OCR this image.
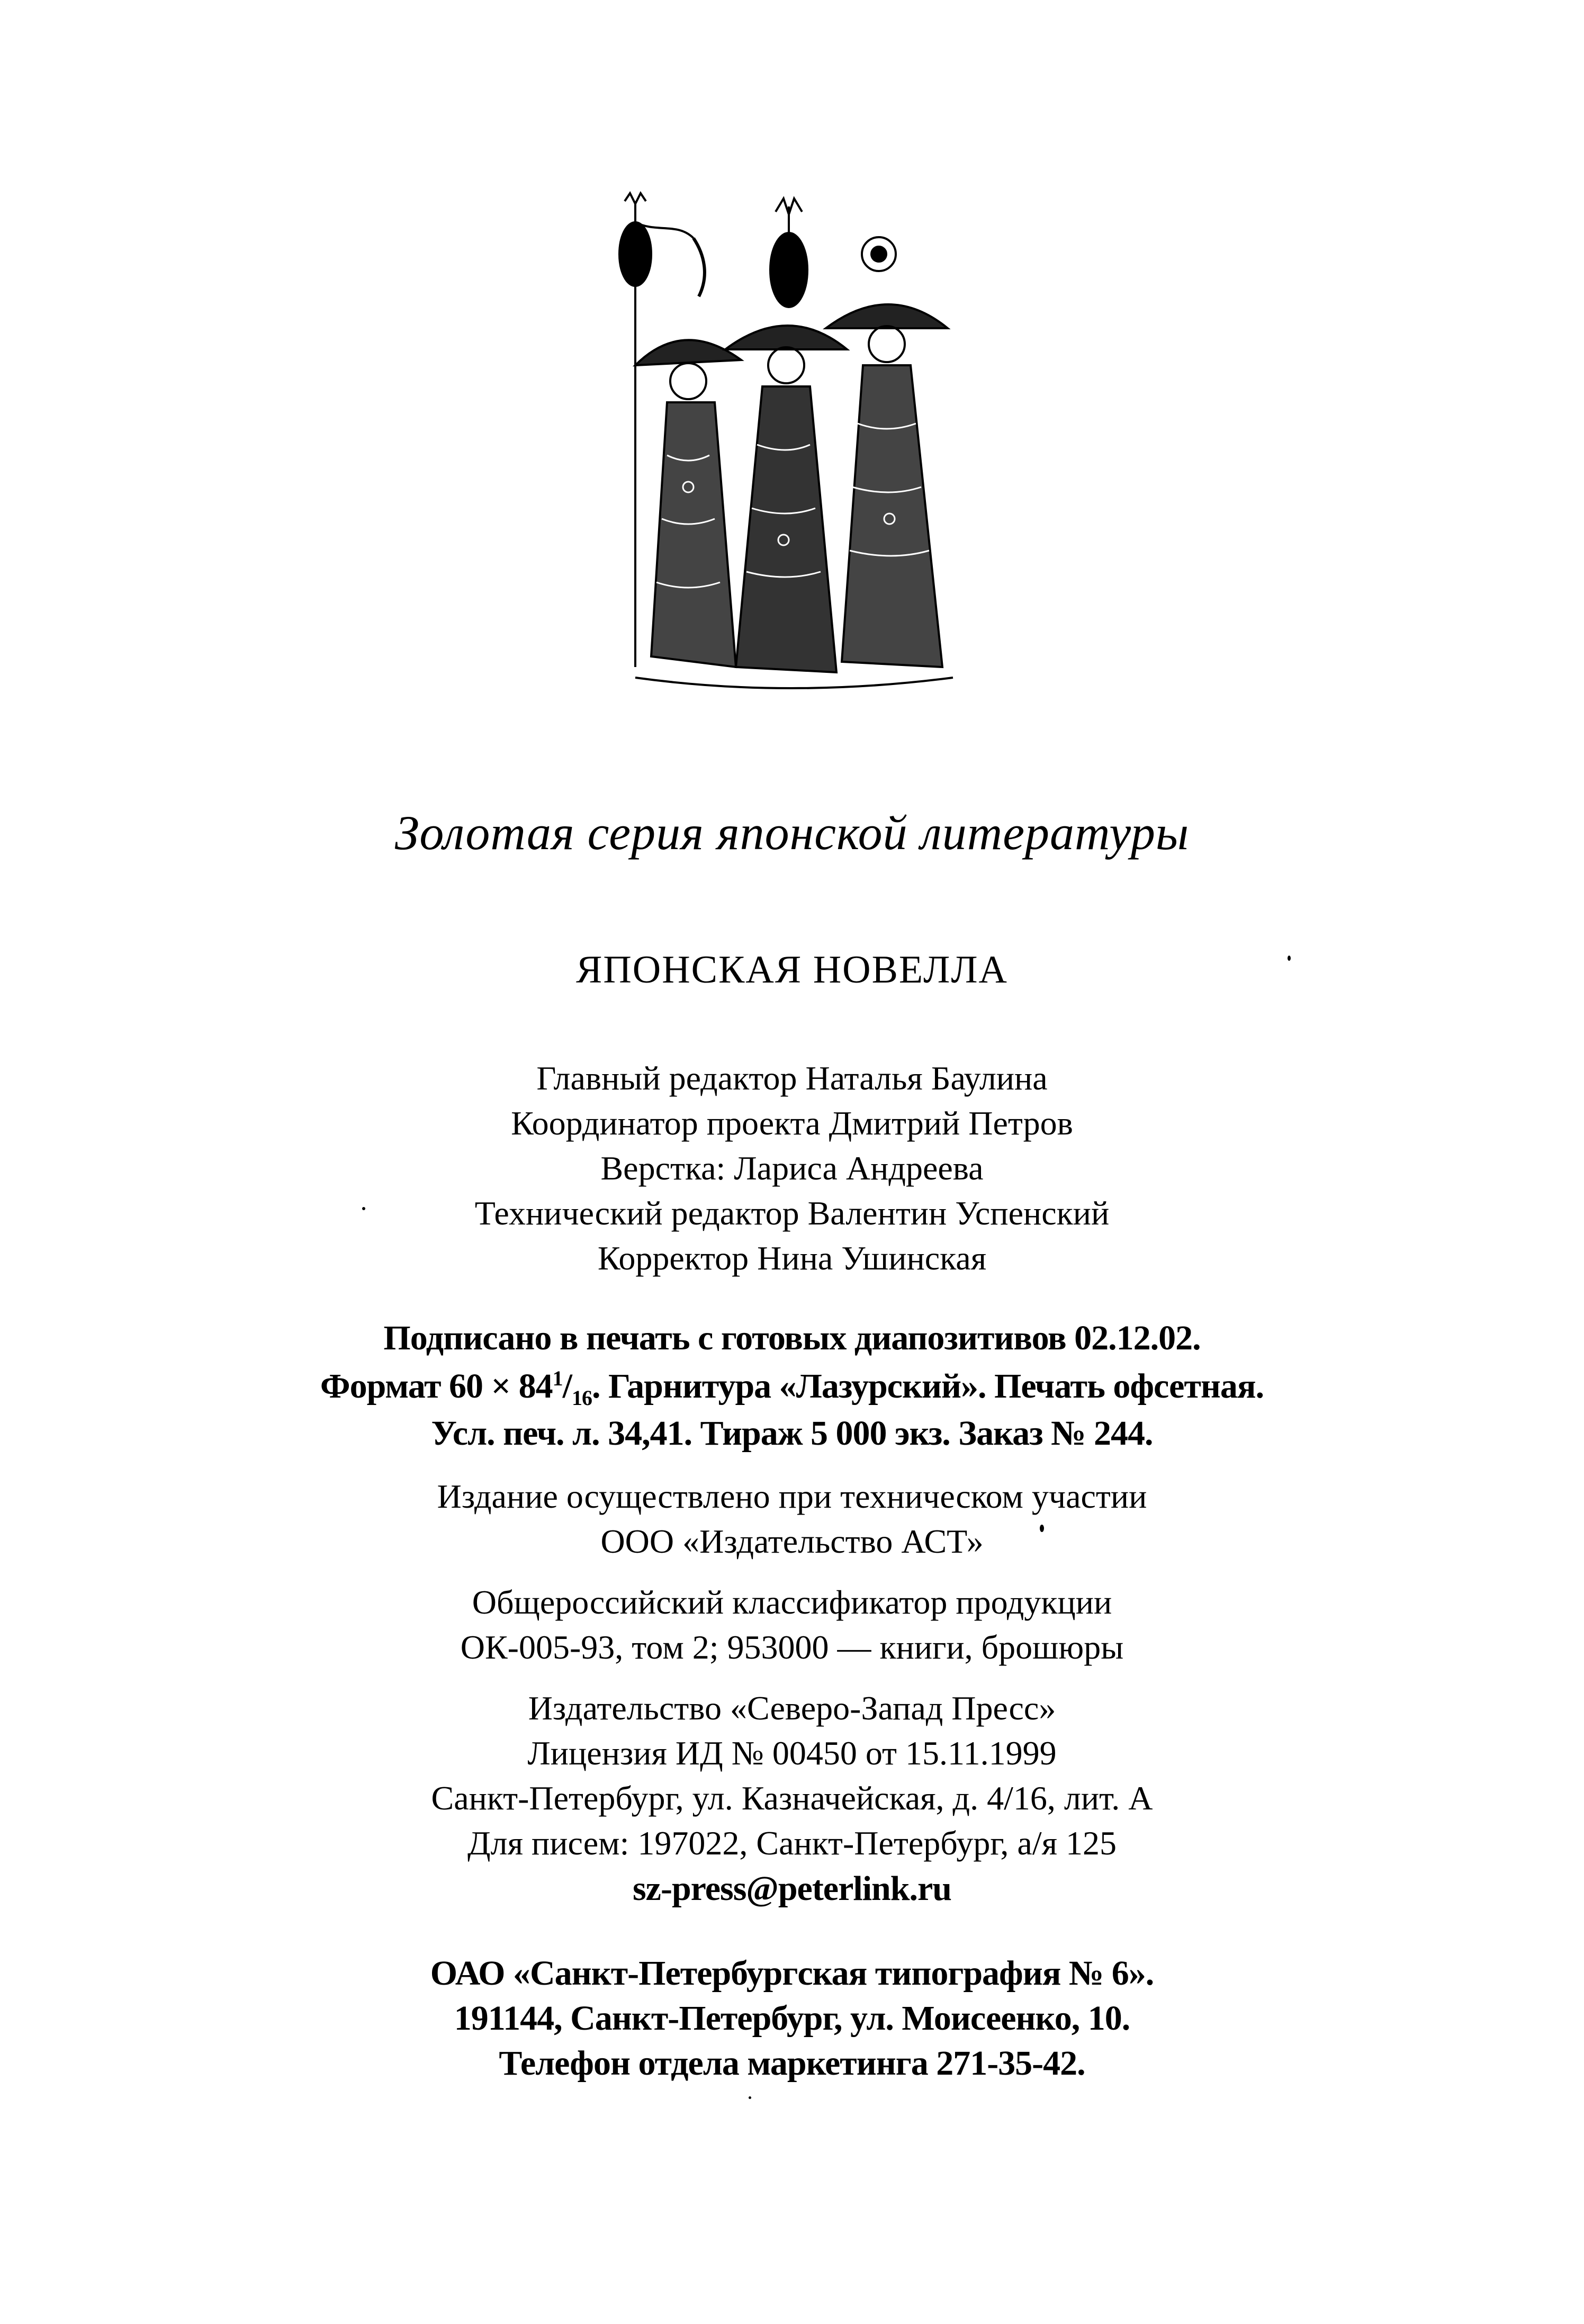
Золотая серия японской литературы
ЯПОНСКАЯ НОВЕЛЛА
Главный редактор Наталья Баулина
Координатор проекта Дмитрий Петров
Верстка: Лариса Андреева
Технический редактор Валентин Успенский
Корректор Нина Ушинская
Подписано в печать с готовых диапозитивов 02.12.02.
Формат $60 \times 84^1/_{16}$. Гарнитура «Лазурский». Печать офсетная.
Усл. печ. л. 34,41. Тираж 5 000 экз. Заказ № 244.
Издание осуществлено при техническом участии
ООО «Издательство АСТ»
Общероссийский классификатор продукции
ОК-005-93, том 2; 953000 — книги, брошюры
Издательство «Северо-Запад Пресс»
Лицензия ИД № 00450 от 15.11.1999
Санкт-Петербург, ул. Казначейская, д. 4/16, лит. А
Для писем: 197022, Санкт-Петербург, а/я 125
sz-press@peterlink.ru
ОАО «Санкт-Петербургская типография № 6».
191144, Санкт-Петербург, ул. Моисеенко, 10.
Телефон отдела маркетинга 271-35-42.
